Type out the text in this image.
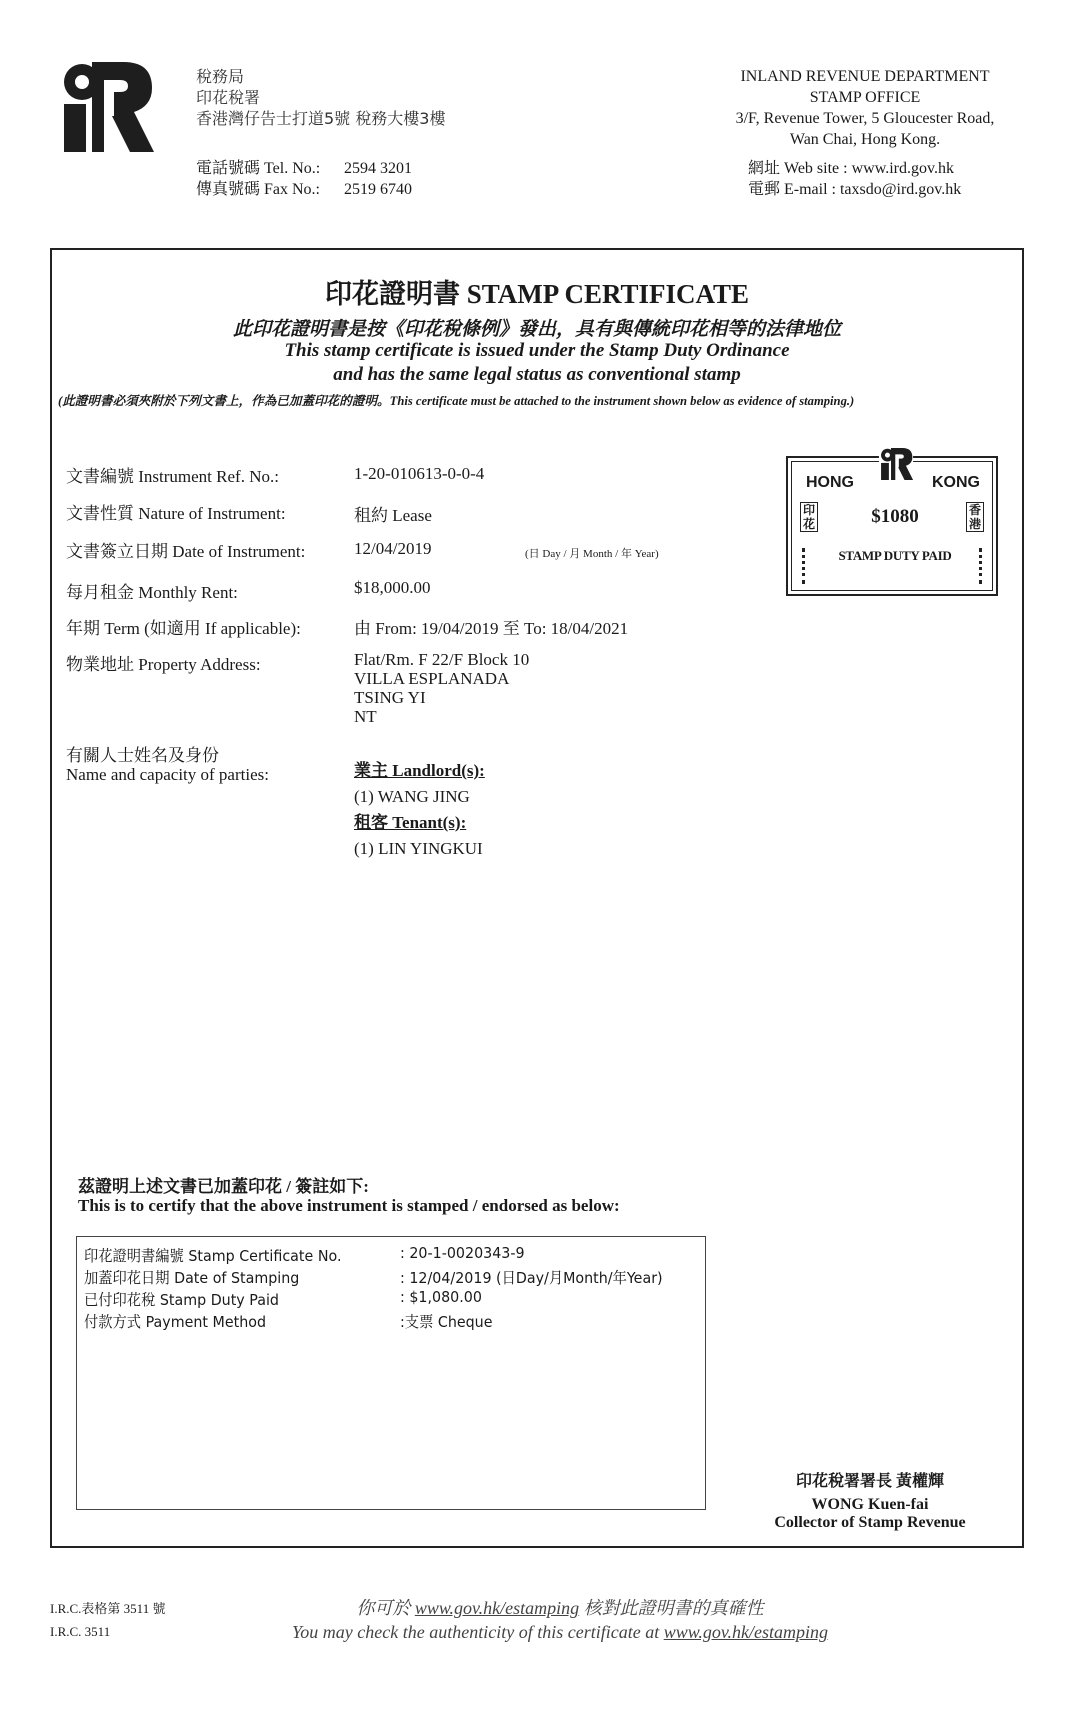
稅務局
印花稅署
香港灣仔告士打道5號 稅務大樓3樓
電話號碼 Tel. No.: 2594 3201
傳真號碼 Fax No.: 2519 6740
INLAND REVENUE DEPARTMENT
STAMP OFFICE
3/F, Revenue Tower, 5 Gloucester Road,
Wan Chai, Hong Kong.
網址 Web site : www.ird.gov.hk
電郵 E-mail : taxsdo@ird.gov.hk
印花證明書 STAMP CERTIFICATE
此印花證明書是按《印花稅條例》發出，具有與傳統印花相等的法律地位
This stamp certificate is issued under the Stamp Duty Ordinance
and has the same legal status as conventional stamp
(此證明書必須夾附於下列文書上，作為已加蓋印花的證明。This certificate must be attached to the instrument shown below as evidence of stamping.)
文書編號 Instrument Ref. No.:	1-20-010613-0-0-4
文書性質 Nature of Instrument:	租約 Lease
文書簽立日期 Date of Instrument:	12/04/2019	(日 Day / 月 Month / 年 Year)
每月租金 Monthly Rent:	$18,000.00
年期 Term (如適用 If applicable):	由 From: 19/04/2019 至 To: 18/04/2021
物業地址 Property Address:	Flat/Rm. F 22/F Block 10
VILLA ESPLANADA
TSING YI
NT
有關人士姓名及身份
Name and capacity of parties:	業主 Landlord(s):
(1) WANG JING
租客 Tenant(s):
(1) LIN YINGKUI
HONG	KONG
印花
香港
$1080
STAMP DUTY PAID
茲證明上述文書已加蓋印花 / 簽註如下:
This is to certify that the above instrument is stamped / endorsed as below:
印花證明書編號 Stamp Certificate No.	: 20-1-0020343-9
加蓋印花日期 Date of Stamping	: 12/04/2019 (日Day/月Month/年Year)
已付印花稅 Stamp Duty Paid	: $1,080.00
付款方式 Payment Method	:支票 Cheque
印花稅署署長 黃權輝
WONG Kuen-fai
Collector of Stamp Revenue
I.R.C.表格第 3511 號
I.R.C. 3511
你可於 www.gov.hk/estamping 核對此證明書的真確性
You may check the authenticity of this certificate at www.gov.hk/estamping
